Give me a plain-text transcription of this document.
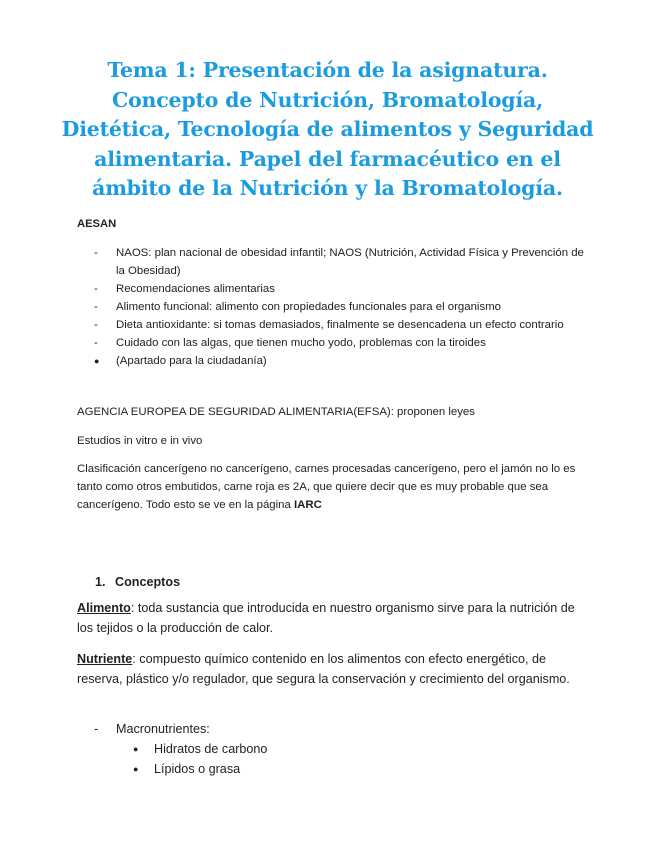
Tema 1: Presentación de la asignatura. Concepto de Nutrición, Bromatología, Dietética, Tecnología de alimentos y Seguridad alimentaria. Papel del farmacéutico en el ámbito de la Nutrición y la Bromatología.
AESAN
- NAOS: plan nacional de obesidad infantil; NAOS (Nutrición, Actividad Física y Prevención de la Obesidad)
- Recomendaciones alimentarias
- Alimento funcional: alimento con propiedades funcionales para el organismo
- Dieta antioxidante: si tomas demasiados, finalmente se desencadena un efecto contrario
- Cuidado con las algas, que tienen mucho yodo, problemas con la tiroides
● (Apartado para la ciudadanía)

AGENCIA EUROPEA DE SEGURIDAD ALIMENTARIA(EFSA): proponen leyes

Estudios in vitro e in vivo

Clasificación cancerígeno no cancerígeno, carnes procesadas cancerígeno, pero el jamón no lo es tanto como otros embutidos, carne roja es 2A, que quiere decir que es muy probable que sea cancerígeno. Todo esto se ve en la página IARC

1. Conceptos

Alimento: toda sustancia que introducida en nuestro organismo sirve para la nutrición de los tejidos o la producción de calor.

Nutriente: compuesto químico contenido en los alimentos con efecto energético, de reserva, plástico y/o regulador, que segura la conservación y crecimiento del organismo.

- Macronutrientes:
● Hidratos de carbono
● Lípidos o grasa
